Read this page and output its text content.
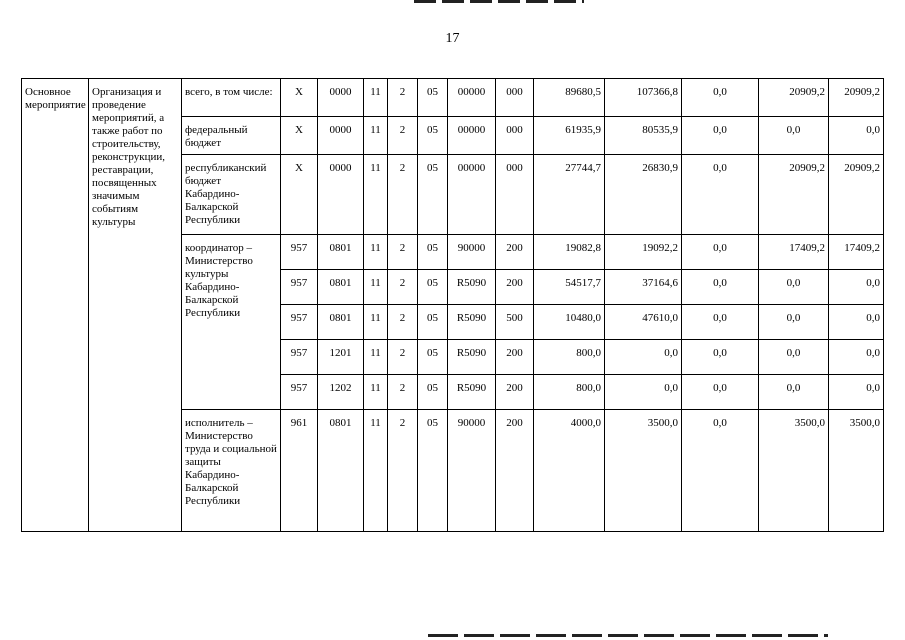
17
Основное мероприятие	Организация и проведение мероприятий, а также работ по строительству, реконструкции, реставрации, посвященных значимым событиям культуры	всего, в том числе:	Х	0000	11	2	05	00000	000	89680,5	107366,8	0,0	20909,2	20909,2
		федеральный бюджет	Х	0000	11	2	05	00000	000	61935,9	80535,9	0,0	0,0	0,0
		республиканский бюджет Кабардино-Балкарской Республики	Х	0000	11	2	05	00000	000	27744,7	26830,9	0,0	20909,2	20909,2
		координатор – Министерство культуры Кабардино-Балкарской Республики	957	0801	11	2	05	90000	200	19082,8	19092,2	0,0	17409,2	17409,2
			957	0801	11	2	05	R5090	200	54517,7	37164,6	0,0	0,0	0,0
			957	0801	11	2	05	R5090	500	10480,0	47610,0	0,0	0,0	0,0
			957	1201	11	2	05	R5090	200	800,0	0,0	0,0	0,0	0,0
			957	1202	11	2	05	R5090	200	800,0	0,0	0,0	0,0	0,0
		исполнитель – Министерство труда и социальной защиты Кабардино-Балкарской Республики	961	0801	11	2	05	90000	200	4000,0	3500,0	0,0	3500,0	3500,0
